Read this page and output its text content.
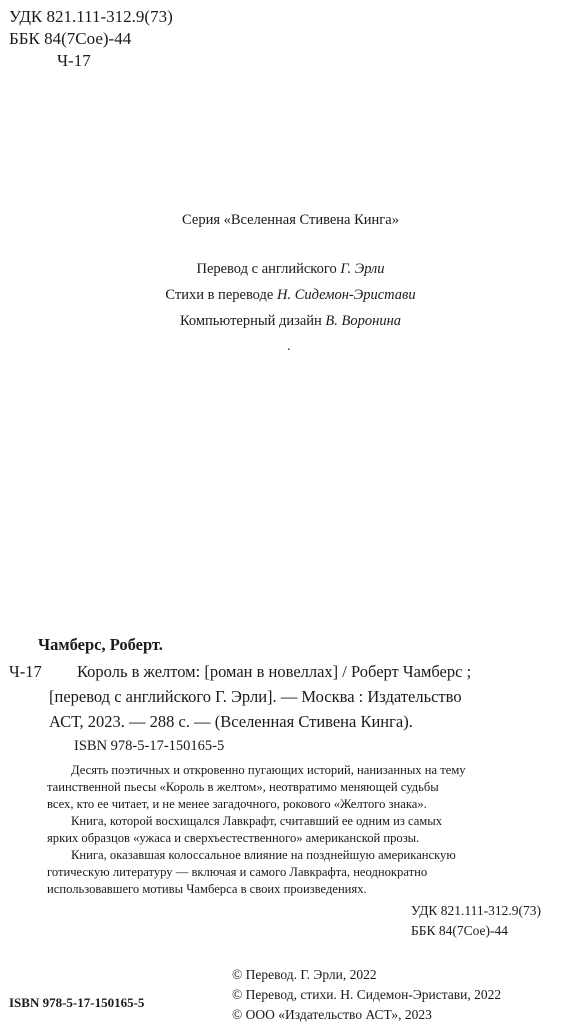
УДК 821.111-312.9(73)
ББК 84(7Сое)-44
Ч-17
Серия «Вселенная Стивена Кинга»
Перевод с английского Г. Эрли
Стихи в переводе Н. Сидемон-Эристави
Компьютерный дизайн В. Воронина
.
Чамберс, Роберт.
Ч-17	Король в желтом: [роман в новеллах] / Роберт Чамберс ;
[перевод с английского Г. Эрли]. — Москва : Издательство
АСТ, 2023. — 288 с. — (Вселенная Стивена Кинга).
ISBN 978-5-17-150165-5
Десять поэтичных и откровенно пугающих историй, нанизанных на тему
таинственной пьесы «Король в желтом», неотвратимо меняющей судьбы
всех, кто ее читает, и не менее загадочного, рокового «Желтого знака».
Книга, которой восхищался Лавкрафт, считавший ее одним из самых
ярких образцов «ужаса и сверхъестественного» американской прозы.
Книга, оказавшая колоссальное влияние на позднейшую американскую
готическую литературу — включая и самого Лавкрафта, неоднократно
использовавшего мотивы Чамберса в своих произведениях.
УДК 821.111-312.9(73)
ББК 84(7Сое)-44
ISBN 978-5-17-150165-5
© Перевод. Г. Эрли, 2022
© Перевод, стихи. Н. Сидемон-Эристави, 2022
© ООО «Издательство АСТ», 2023
